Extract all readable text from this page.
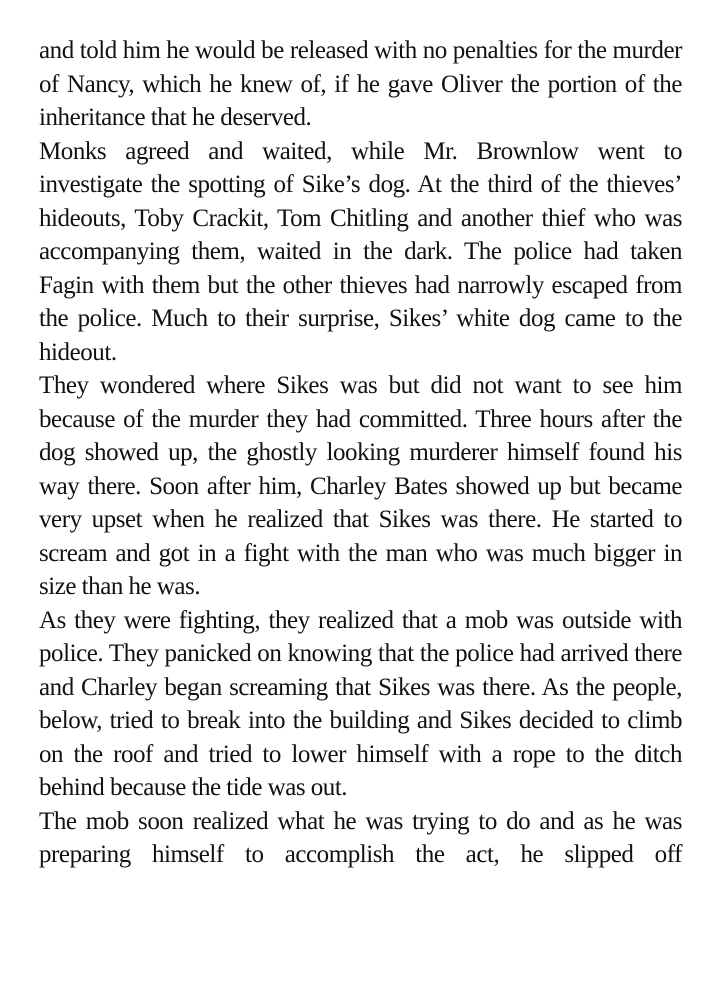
and told him he would be released with no penalties for the murder of Nancy, which he knew of, if he gave Oliver the portion of the inheritance that he deserved.

Monks agreed and waited, while Mr. Brownlow went to investigate the spotting of Sike’s dog. At the third of the thieves’ hideouts, Toby Crackit, Tom Chitling and another thief who was accompanying them, waited in the dark. The police had taken Fagin with them but the other thieves had narrowly escaped from the police. Much to their surprise, Sikes’ white dog came to the hideout.

They wondered where Sikes was but did not want to see him because of the murder they had committed. Three hours after the dog showed up, the ghostly looking murderer himself found his way there. Soon after him, Charley Bates showed up but became very upset when he realized that Sikes was there. He started to scream and got in a fight with the man who was much bigger in size than he was.

As they were fighting, they realized that a mob was outside with police. They panicked on knowing that the police had arrived there and Charley began screaming that Sikes was there. As the people, below, tried to break into the building and Sikes decided to climb on the roof and tried to lower himself with a rope to the ditch behind because the tide was out.

The mob soon realized what he was trying to do and as he was preparing himself to accomplish the act, he slipped off
